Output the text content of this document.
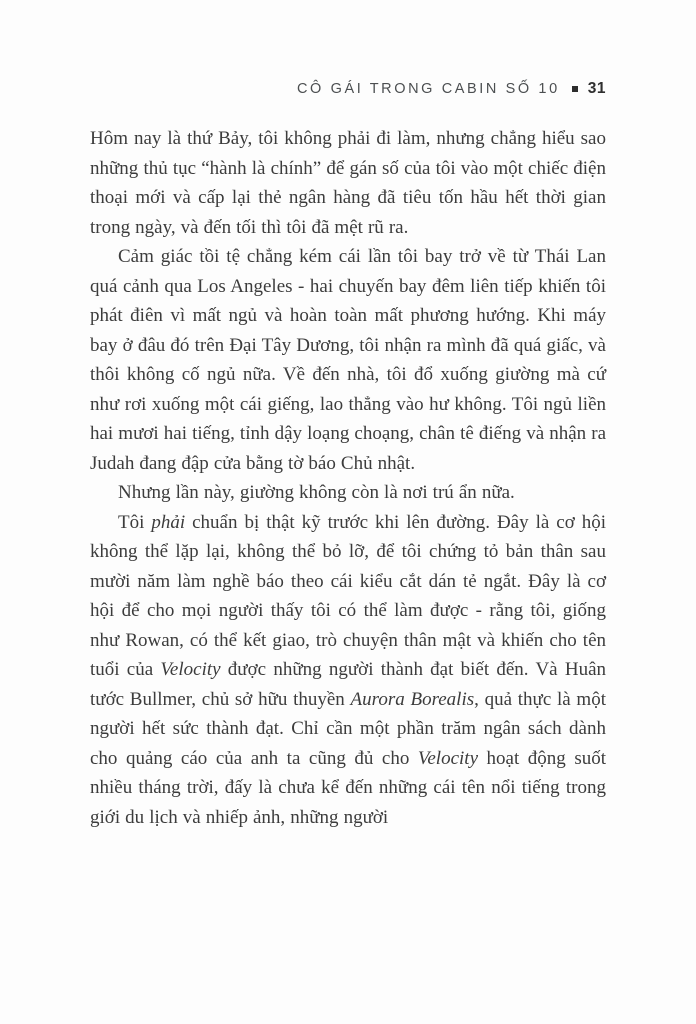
CÔ GÁI TRONG CABIN SỐ 10 31

Hôm nay là thứ Bảy, tôi không phải đi làm, nhưng chẳng hiểu sao những thủ tục “hành là chính” để gán số của tôi vào một chiếc điện thoại mới và cấp lại thẻ ngân hàng đã tiêu tốn hầu hết thời gian trong ngày, và đến tối thì tôi đã mệt rũ ra.

Cảm giác tồi tệ chẳng kém cái lần tôi bay trở về từ Thái Lan quá cảnh qua Los Angeles - hai chuyến bay đêm liên tiếp khiến tôi phát điên vì mất ngủ và hoàn toàn mất phương hướng. Khi máy bay ở đâu đó trên Đại Tây Dương, tôi nhận ra mình đã quá giấc, và thôi không cố ngủ nữa. Về đến nhà, tôi đổ xuống giường mà cứ như rơi xuống một cái giếng, lao thẳng vào hư không. Tôi ngủ liền hai mươi hai tiếng, tỉnh dậy loạng choạng, chân tê điếng và nhận ra Judah đang đập cửa bằng tờ báo Chủ nhật.

Nhưng lần này, giường không còn là nơi trú ẩn nữa.

Tôi phải chuẩn bị thật kỹ trước khi lên đường. Đây là cơ hội không thể lặp lại, không thể bỏ lỡ, để tôi chứng tỏ bản thân sau mười năm làm nghề báo theo cái kiểu cắt dán tẻ ngắt. Đây là cơ hội để cho mọi người thấy tôi có thể làm được - rằng tôi, giống như Rowan, có thể kết giao, trò chuyện thân mật và khiến cho tên tuổi của Velocity được những người thành đạt biết đến. Và Huân tước Bullmer, chủ sở hữu thuyền Aurora Borealis, quả thực là một người hết sức thành đạt. Chỉ cần một phần trăm ngân sách dành cho quảng cáo của anh ta cũng đủ cho Velocity hoạt động suốt nhiều tháng trời, đấy là chưa kể đến những cái tên nổi tiếng trong giới du lịch và nhiếp ảnh, những người
